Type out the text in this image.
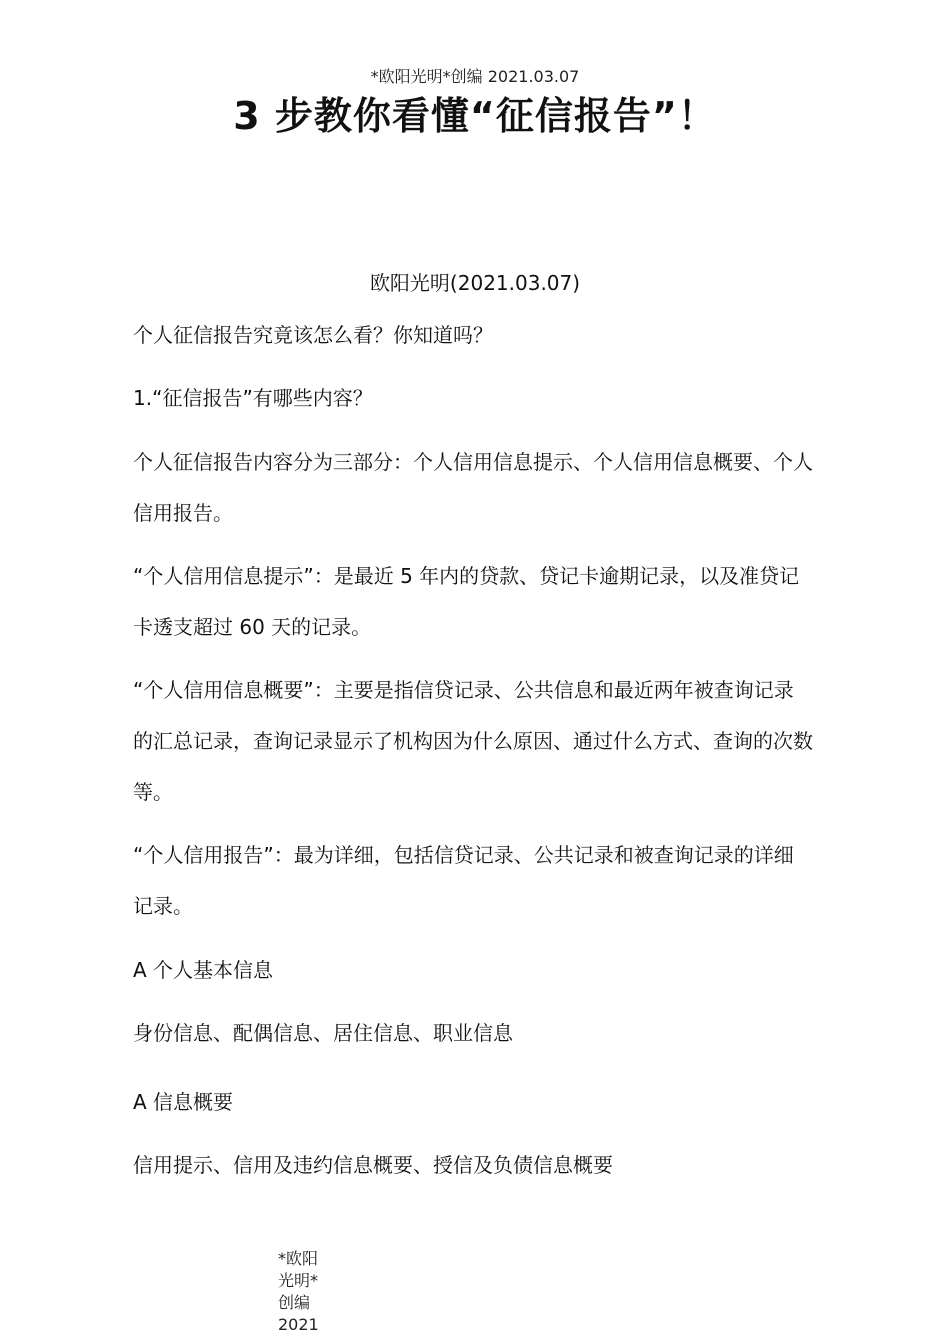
*欧阳光明*创编 2021.03.07
3 步教你看懂“征信报告”！
欧阳光明(2021.03.07)

个人征信报告究竟该怎么看？你知道吗？

1.“征信报告”有哪些内容？

个人征信报告内容分为三部分：个人信用信息提示、个人信用信息概要、个人信用报告。

“个人信用信息提示”：是最近 5 年内的贷款、贷记卡逾期记录，以及准贷记卡透支超过 60 天的记录。

“个人信用信息概要”：主要是指信贷记录、公共信息和最近两年被查询记录的汇总记录，查询记录显示了机构因为什么原因、通过什么方式、查询的次数等。

“个人信用报告”：最为详细，包括信贷记录、公共记录和被查询记录的详细记录。

A 个人基本信息

身份信息、配偶信息、居住信息、职业信息

A 信息概要

信用提示、信用及违约信息概要、授信及负债信息概要

*欧阳光明*创编 2021
